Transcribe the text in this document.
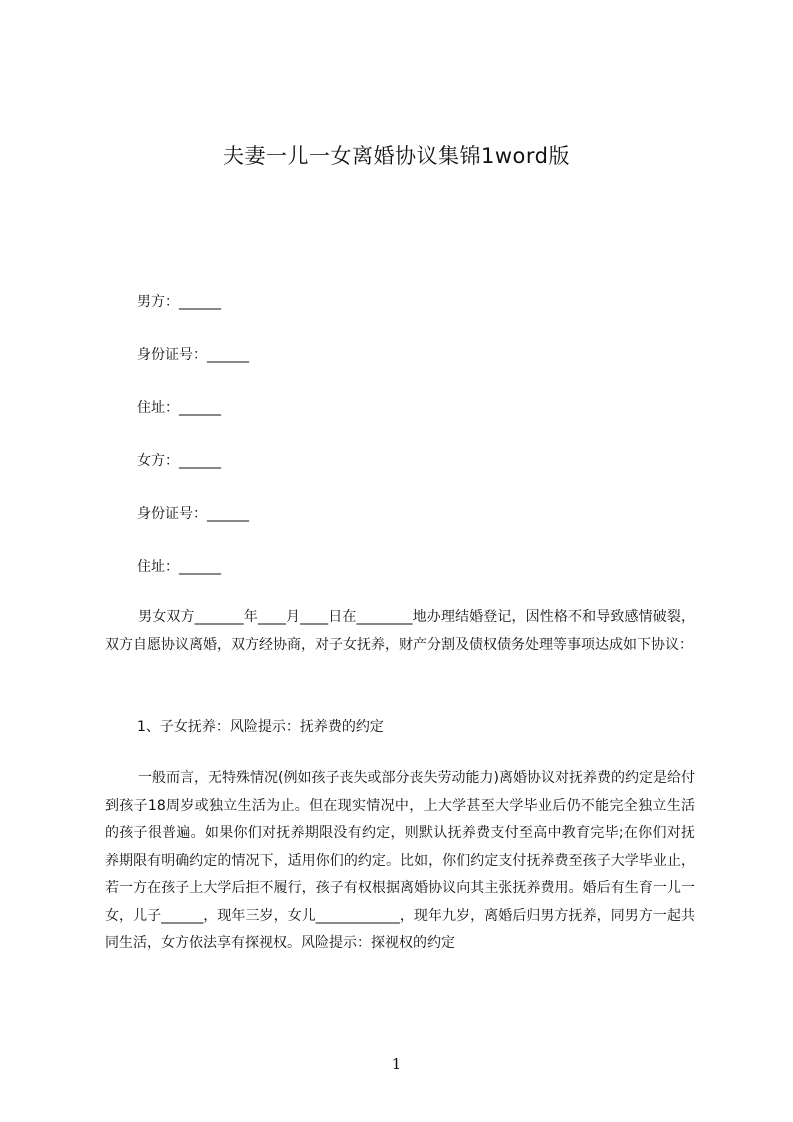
夫妻一儿一女离婚协议集锦1word版
男方：______
身份证号：______
住址：______
女方：______
身份证号：______
住址：______

男女双方_______年____月____日在________地办理结婚登记，因性格不和导致感情破裂，双方自愿协议离婚，双方经协商，对子女抚养，财产分割及债权债务处理等事项达成如下协议：

1、子女抚养：风险提示：抚养费的约定

一般而言，无特殊情况(例如孩子丧失或部分丧失劳动能力)离婚协议对抚养费的约定是给付到孩子18周岁或独立生活为止。但在现实情况中，上大学甚至大学毕业后仍不能完全独立生活的孩子很普遍。如果你们对抚养期限没有约定，则默认抚养费支付至高中教育完毕;在你们对抚养期限有明确约定的情况下，适用你们的约定。比如，你们约定支付抚养费至孩子大学毕业止，若一方在孩子上大学后拒不履行，孩子有权根据离婚协议向其主张抚养费用。婚后有生育一儿一女，儿子______，现年三岁，女儿____________，现年九岁，离婚后归男方抚养，同男方一起共同生活，女方依法享有探视权。风险提示：探视权的约定

1
